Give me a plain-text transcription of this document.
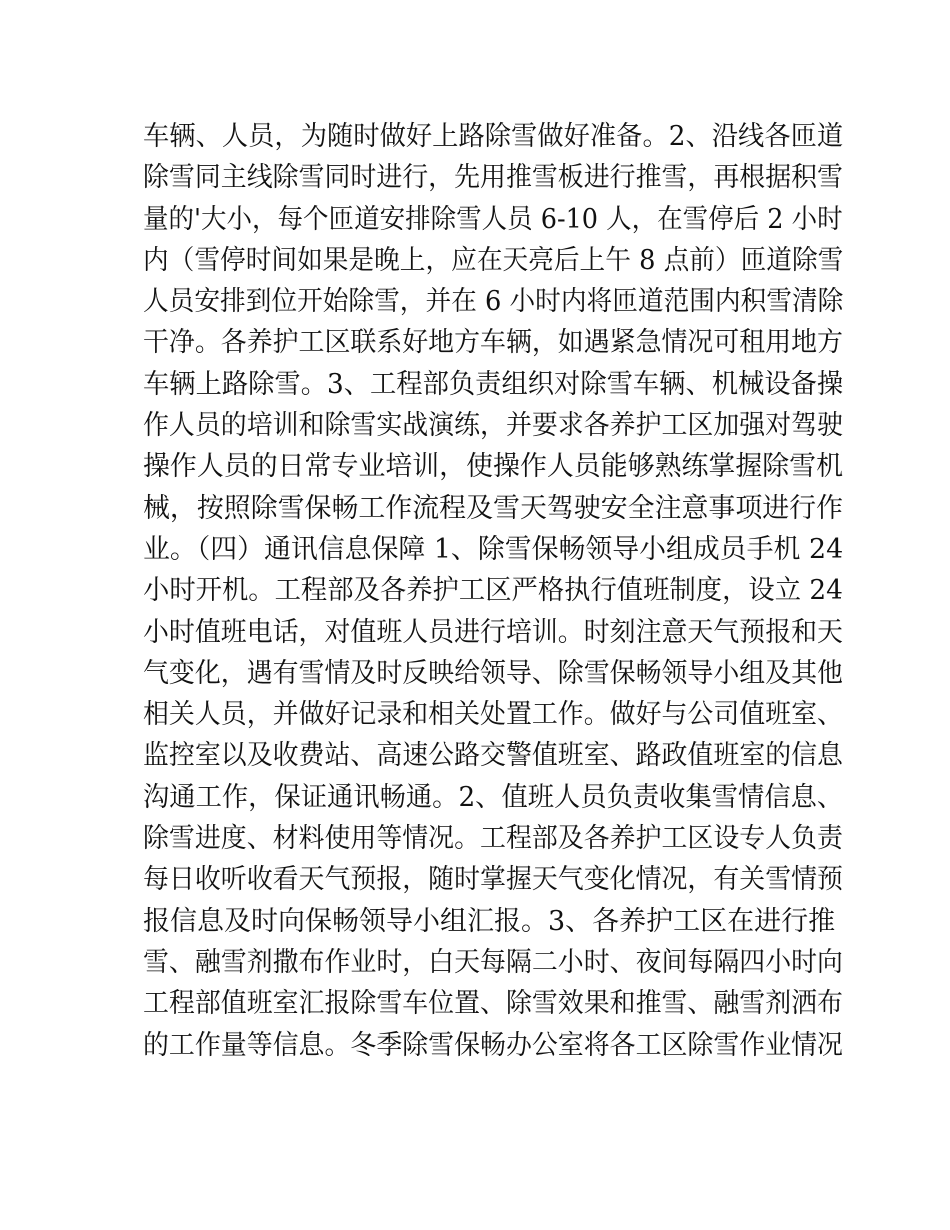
车辆、人员，为随时做好上路除雪做好准备。2、沿线各匝道
除雪同主线除雪同时进行，先用推雪板进行推雪，再根据积雪
量的'大小，每个匝道安排除雪人员 6-10 人，在雪停后 2 小时
内（雪停时间如果是晚上，应在天亮后上午 8 点前）匝道除雪
人员安排到位开始除雪，并在 6 小时内将匝道范围内积雪清除
干净。各养护工区联系好地方车辆，如遇紧急情况可租用地方
车辆上路除雪。3、工程部负责组织对除雪车辆、机械设备操
作人员的培训和除雪实战演练，并要求各养护工区加强对驾驶
操作人员的日常专业培训，使操作人员能够熟练掌握除雪机
械，按照除雪保畅工作流程及雪天驾驶安全注意事项进行作
业。（四）通讯信息保障 1、除雪保畅领导小组成员手机 24
小时开机。工程部及各养护工区严格执行值班制度，设立 24
小时值班电话，对值班人员进行培训。时刻注意天气预报和天
气变化，遇有雪情及时反映给领导、除雪保畅领导小组及其他
相关人员，并做好记录和相关处置工作。做好与公司值班室、
监控室以及收费站、高速公路交警值班室、路政值班室的信息
沟通工作，保证通讯畅通。2、值班人员负责收集雪情信息、
除雪进度、材料使用等情况。工程部及各养护工区设专人负责
每日收听收看天气预报，随时掌握天气变化情况，有关雪情预
报信息及时向保畅领导小组汇报。3、各养护工区在进行推
雪、融雪剂撒布作业时，白天每隔二小时、夜间每隔四小时向
工程部值班室汇报除雪车位置、除雪效果和推雪、融雪剂洒布
的工作量等信息。冬季除雪保畅办公室将各工区除雪作业情况
